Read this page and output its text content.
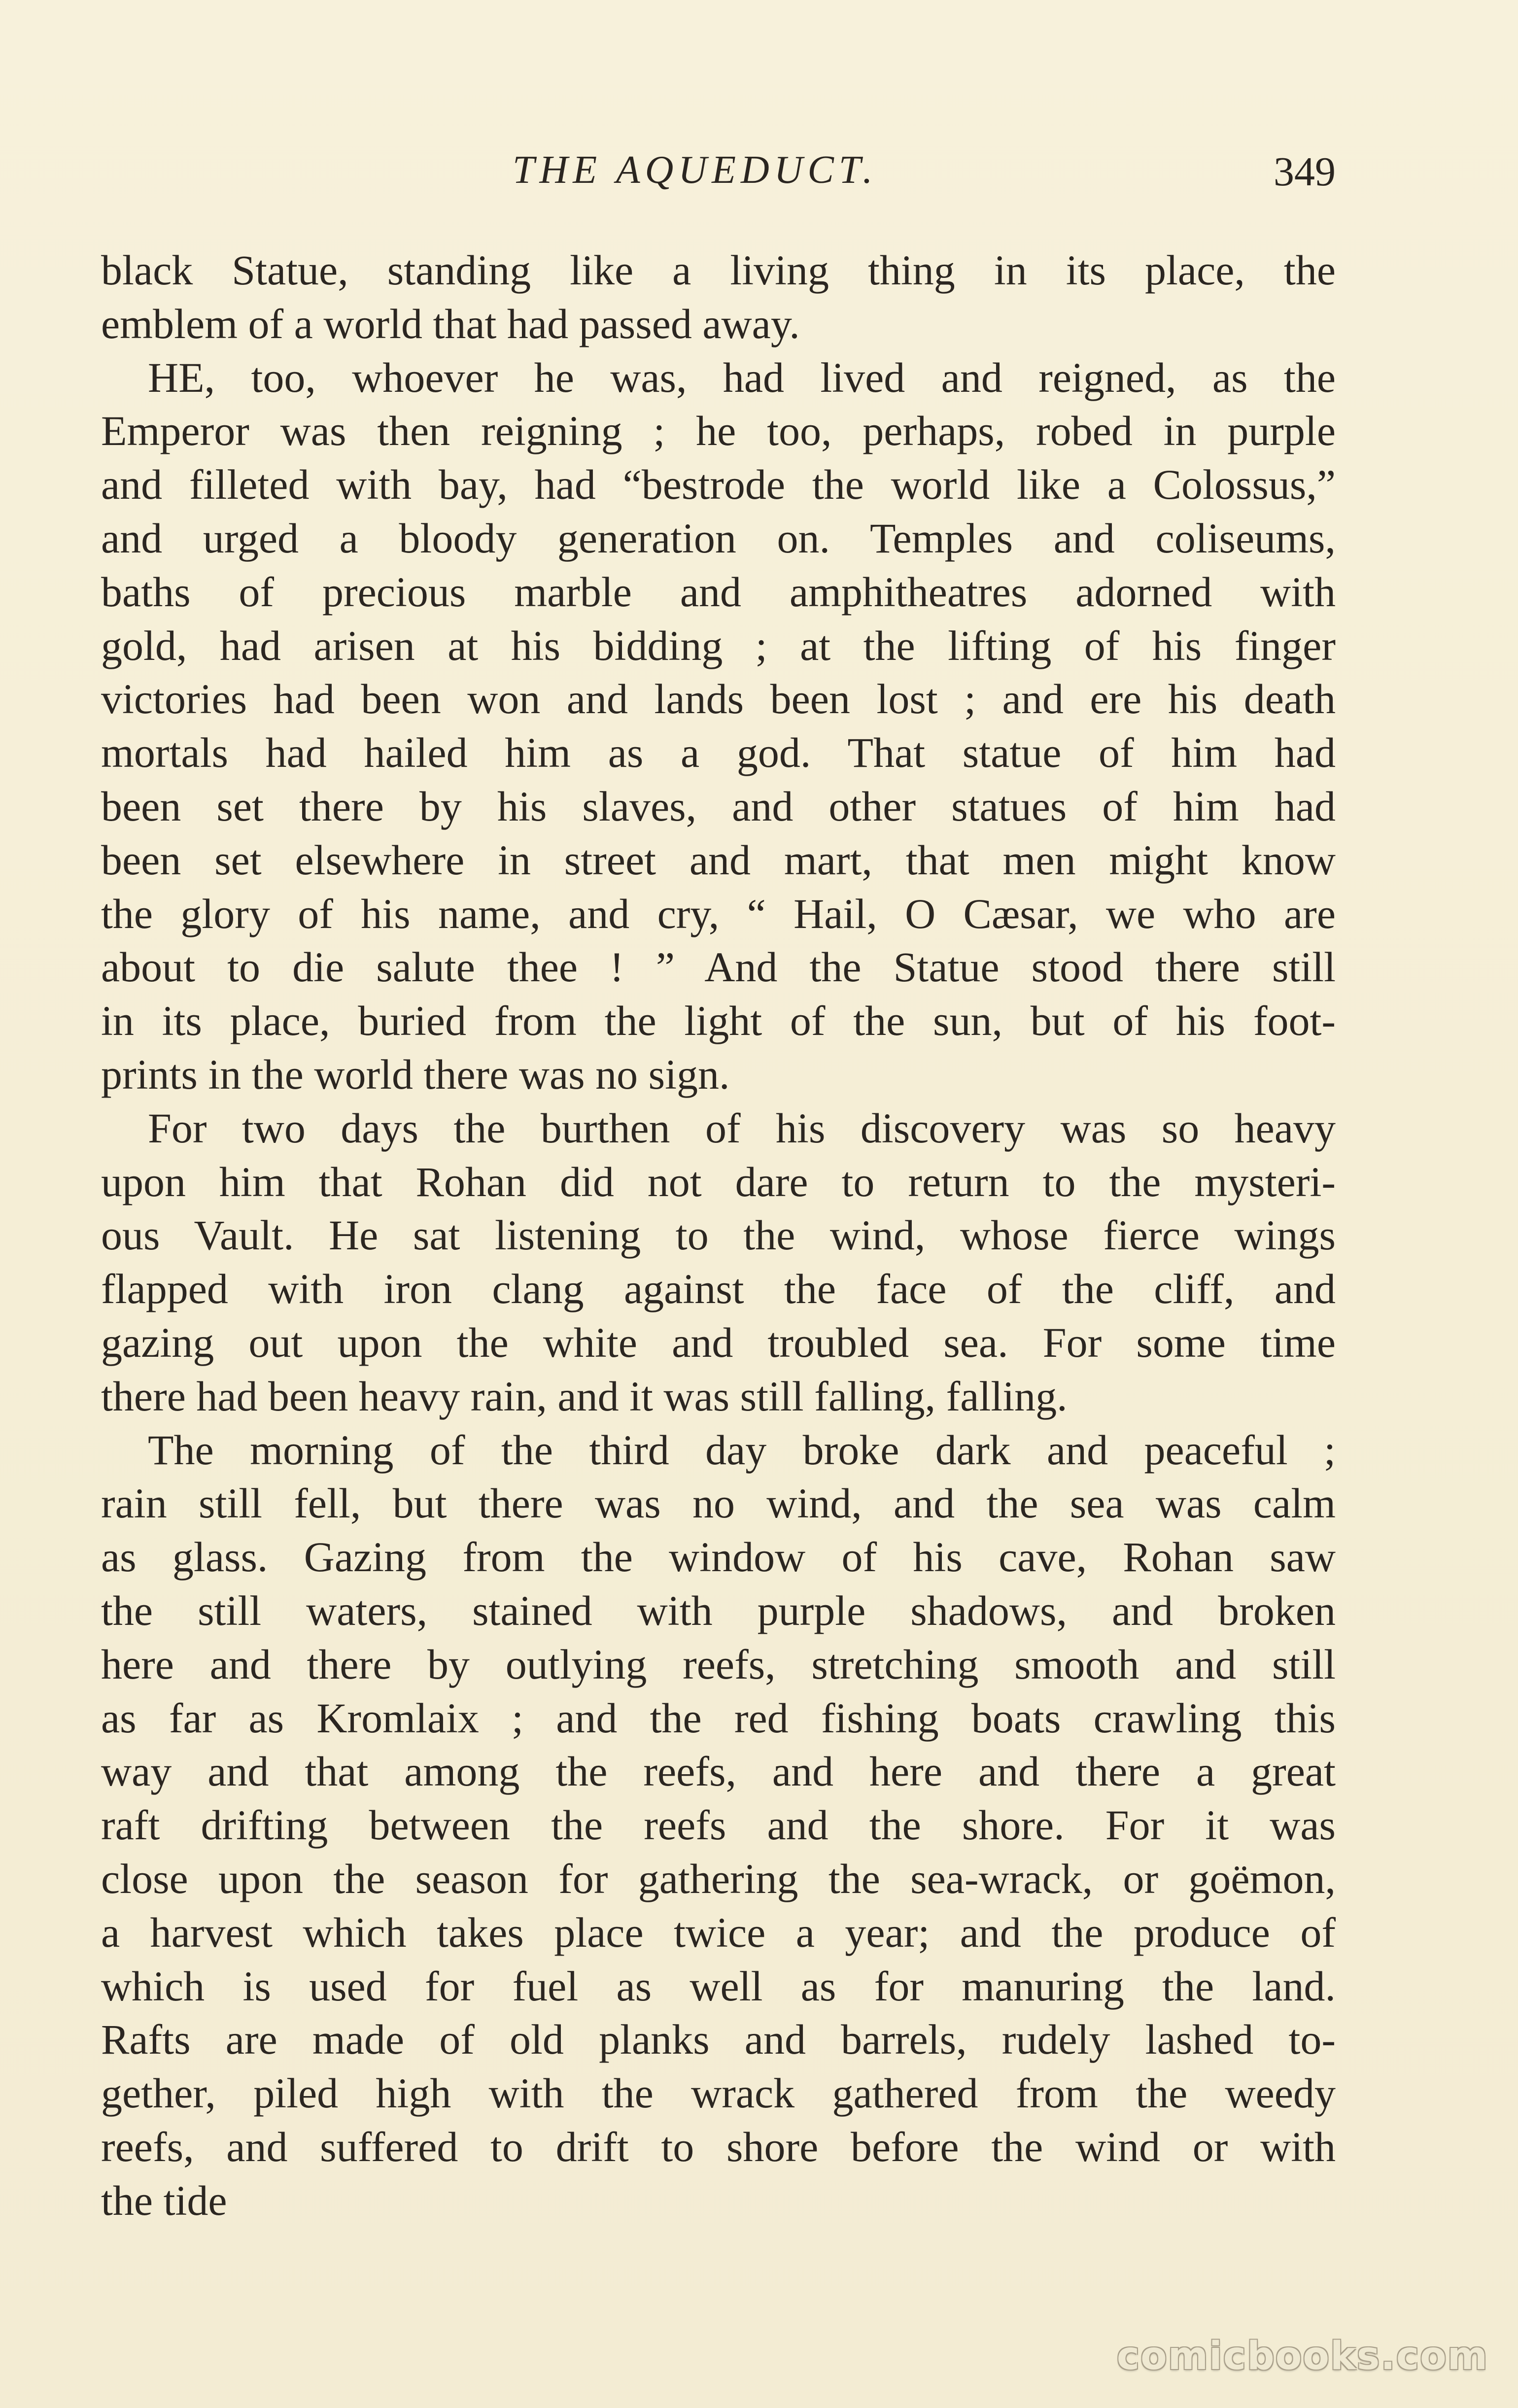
THE AQUEDUCT.	349
black Statue, standing like a living thing in its place, the
emblem of a world that had passed away.
HE, too, whoever he was, had lived and reigned, as the
Emperor was then reigning ; he too, perhaps, robed in purple
and filleted with bay, had “bestrode the world like a Colossus,”
and urged a bloody generation on. Temples and coliseums,
baths of precious marble and amphitheatres adorned with
gold, had arisen at his bidding ; at the lifting of his finger
victories had been won and lands been lost ; and ere his death
mortals had hailed him as a god. That statue of him had
been set there by his slaves, and other statues of him had
been set elsewhere in street and mart, that men might know
the glory of his name, and cry, “ Hail, O Cæsar, we who are
about to die salute thee ! ” And the Statue stood there still
in its place, buried from the light of the sun, but of his foot-
prints in the world there was no sign.
For two days the burthen of his discovery was so heavy
upon him that Rohan did not dare to return to the mysteri-
ous Vault. He sat listening to the wind, whose fierce wings
flapped with iron clang against the face of the cliff, and
gazing out upon the white and troubled sea. For some time
there had been heavy rain, and it was still falling, falling.
The morning of the third day broke dark and peaceful ;
rain still fell, but there was no wind, and the sea was calm
as glass. Gazing from the window of his cave, Rohan saw
the still waters, stained with purple shadows, and broken
here and there by outlying reefs, stretching smooth and still
as far as Kromlaix ; and the red fishing boats crawling this
way and that among the reefs, and here and there a great
raft drifting between the reefs and the shore. For it was
close upon the season for gathering the sea-wrack, or goëmon,
a harvest which takes place twice a year; and the produce of
which is used for fuel as well as for manuring the land.
Rafts are made of old planks and barrels, rudely lashed to-
gether, piled high with the wrack gathered from the weedy
reefs, and suffered to drift to shore before the wind or with
the tide
comicbooks.com
